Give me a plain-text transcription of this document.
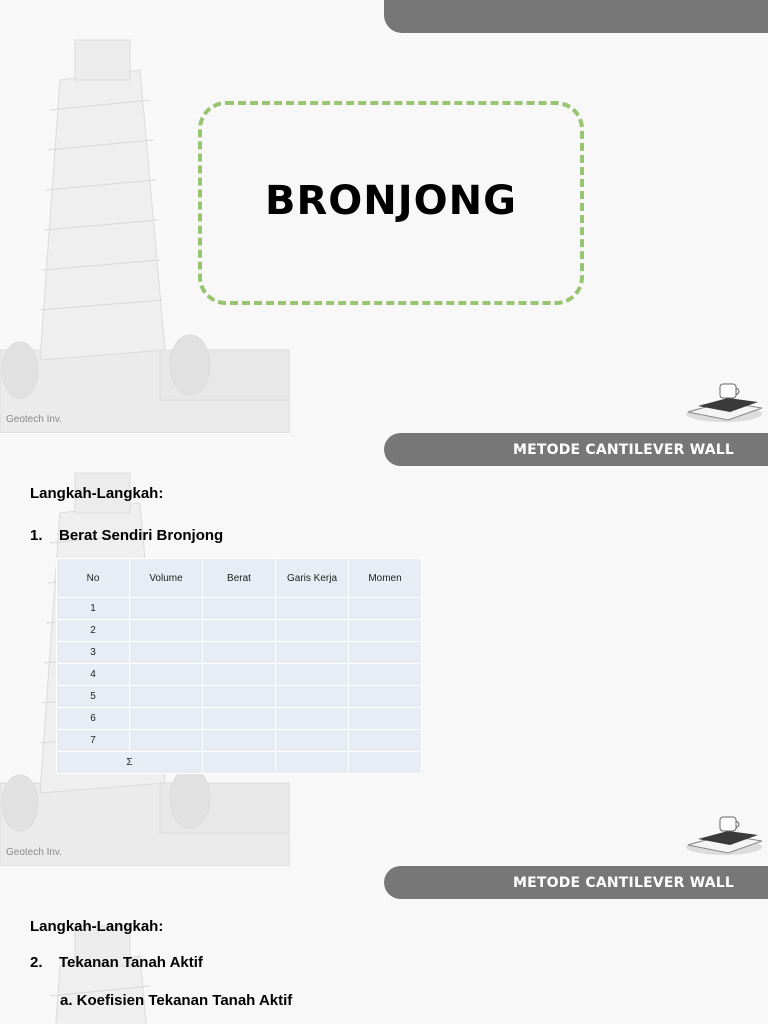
Geotech Inv.
BRONJONG
METODE CANTILEVER WALL
Geotech Inv.
Langkah-Langkah:
1. Berat Sendiri Bronjong
No	Volume	Berat	Garis Kerja	Momen
1				
2				
3				
4				
5				
6				
7				
Σ				
METODE CANTILEVER WALL
Langkah-Langkah:
2. Tekanan Tanah Aktif
a. Koefisien Tekanan Tanah Aktif
